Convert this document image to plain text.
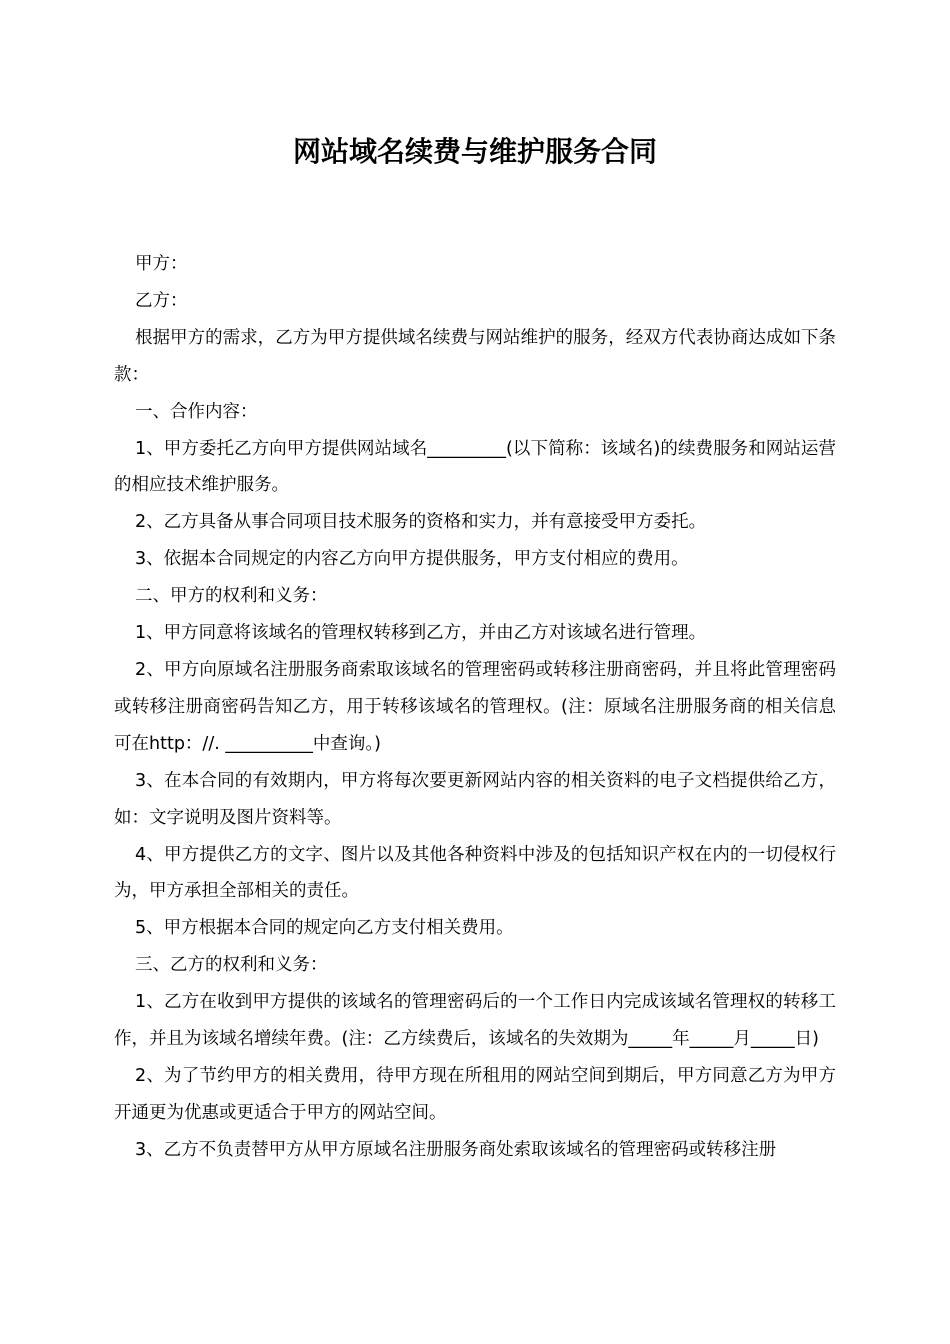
网站域名续费与维护服务合同

甲方：

乙方：

根据甲方的需求，乙方为甲方提供域名续费与网站维护的服务，经双方代表协商达成如下条款：

一、合作内容：

1、甲方委托乙方向甲方提供网站域名_________(以下简称：该域名)的续费服务和网站运营的相应技术维护服务。

2、乙方具备从事合同项目技术服务的资格和实力，并有意接受甲方委托。

3、依据本合同规定的内容乙方向甲方提供服务，甲方支付相应的费用。

二、甲方的权利和义务：

1、甲方同意将该域名的管理权转移到乙方，并由乙方对该域名进行管理。

2、甲方向原域名注册服务商索取该域名的管理密码或转移注册商密码，并且将此管理密码或转移注册商密码告知乙方，用于转移该域名的管理权。(注：原域名注册服务商的相关信息可在http：//. __________中查询。)

3、在本合同的有效期内，甲方将每次要更新网站内容的相关资料的电子文档提供给乙方，如：文字说明及图片资料等。

4、甲方提供乙方的文字、图片以及其他各种资料中涉及的包括知识产权在内的一切侵权行为，甲方承担全部相关的责任。

5、甲方根据本合同的规定向乙方支付相关费用。

三、乙方的权利和义务：

1、乙方在收到甲方提供的该域名的管理密码后的一个工作日内完成该域名管理权的转移工作，并且为该域名增续年费。(注：乙方续费后，该域名的失效期为_____年_____月_____日)

2、为了节约甲方的相关费用，待甲方现在所租用的网站空间到期后，甲方同意乙方为甲方开通更为优惠或更适合于甲方的网站空间。

3、乙方不负责替甲方从甲方原域名注册服务商处索取该域名的管理密码或转移注册
